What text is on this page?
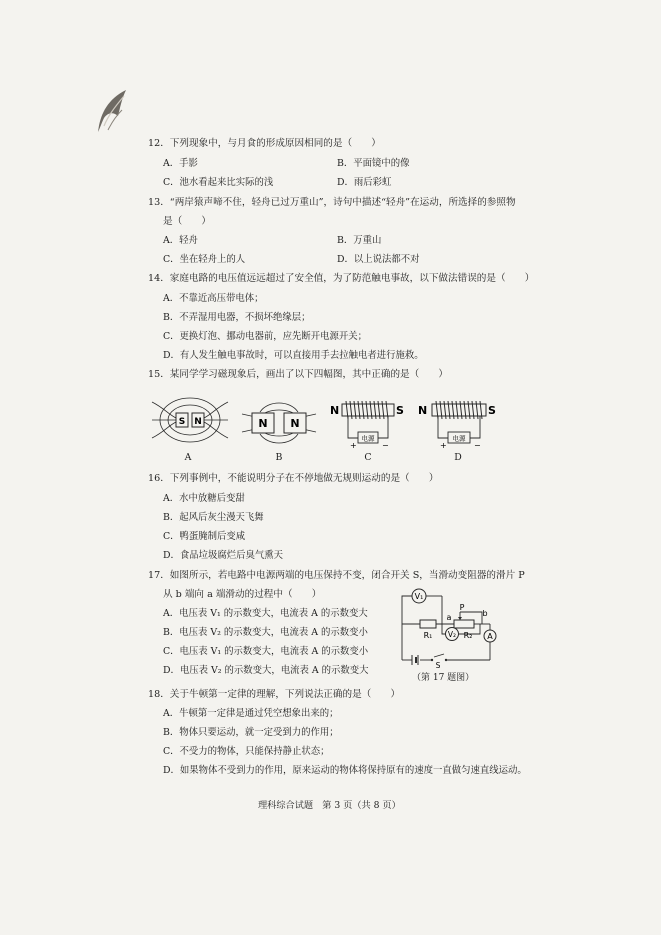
12．下列现象中，与月食的形成原因相同的是（　　）
A．手影	B．平面镜中的像
C．池水看起来比实际的浅	D．雨后彩虹
13．“两岸猿声啼不住，轻舟已过万重山”，诗句中描述“轻舟”在运动，所选择的参照物
是（　　）
A．轻舟	B．万重山
C．坐在轻舟上的人	D．以上说法都不对
14．家庭电路的电压值远远超过了安全值，为了防范触电事故，以下做法错误的是（　　）
A．不靠近高压带电体；
B．不弄湿用电器，不损坏绝缘层；
C．更换灯泡、挪动电器前，应先断开电源开关；
D．有人发生触电事故时，可以直接用手去拉触电者进行施救。
15．某同学学习磁现象后，画出了以下四幅图，其中正确的是（　　）
S N
A
N N
B
N	S
电源
+	−
C
N	S
电源
+	−
D
16．下列事例中，不能说明分子在不停地做无规则运动的是（　　）
A．水中放糖后变甜
B．起风后灰尘漫天飞舞
C．鸭蛋腌制后变咸
D．食品垃圾腐烂后臭气熏天
17．如图所示，若电路中电源两端的电压保持不变，闭合开关 S，当滑动变阻器的滑片 P
从 b 端向 a 端滑动的过程中（　　）
A．电压表 V₁ 的示数变大，电流表 A 的示数变大
B．电压表 V₂ 的示数变大，电流表 A 的示数变小
C．电压表 V₁ 的示数变大，电流表 A 的示数变小
D．电压表 V₂ 的示数变大，电流表 A 的示数变大
V₁
V₂	A
R₁	R₂
a
P
b
S
（第 17 题图）
18．关于牛顿第一定律的理解，下列说法正确的是（　　）
A．牛顿第一定律是通过凭空想象出来的；
B．物体只要运动，就一定受到力的作用；
C．不受力的物体，只能保持静止状态；
D．如果物体不受到力的作用，原来运动的物体将保持原有的速度一直做匀速直线运动。
理科综合试题　第 3 页（共 8 页）
